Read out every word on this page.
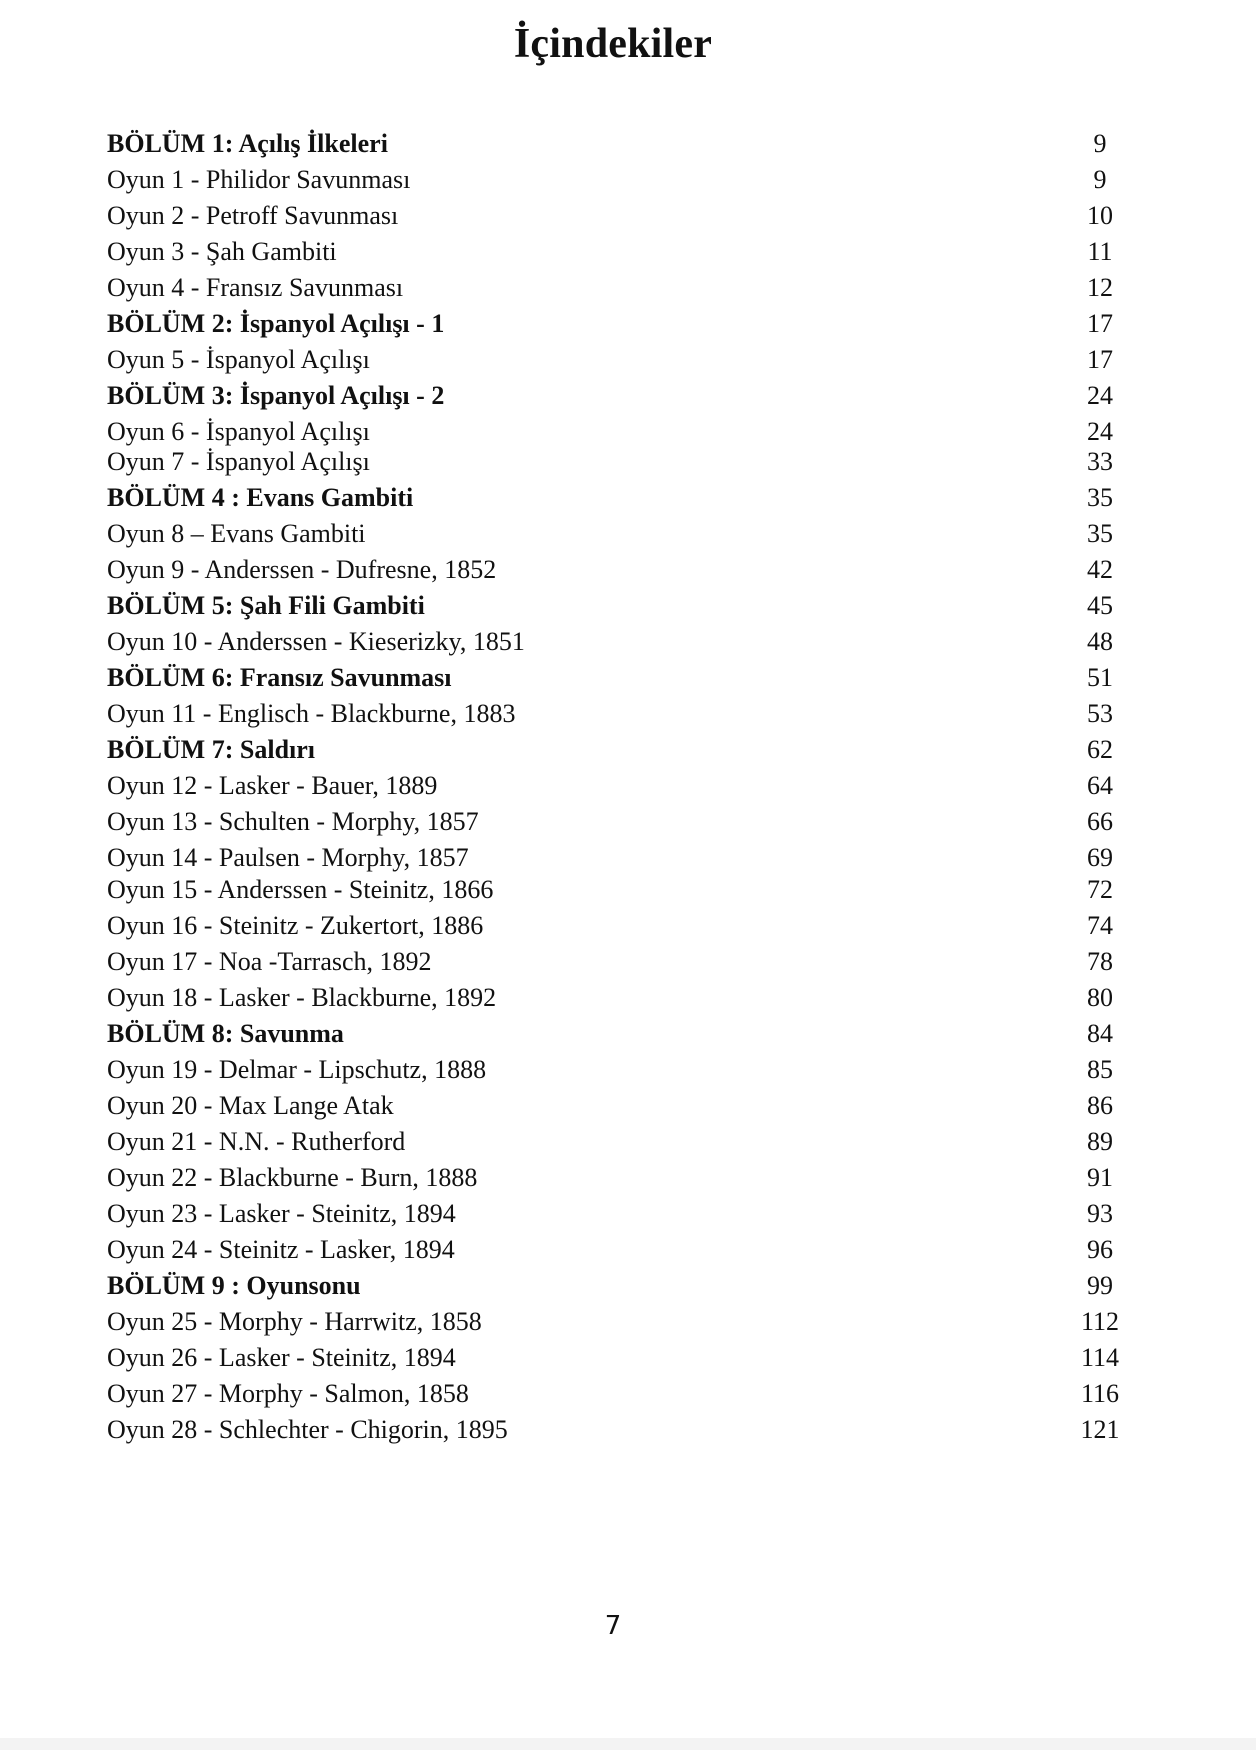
İçindekiler
BÖLÜM 1: Açılış İlkeleri	9
Oyun 1 - Philidor Savunması	9
Oyun 2 - Petroff Savunması	10
Oyun 3 - Şah Gambiti	11
Oyun 4 - Fransız Savunması	12
BÖLÜM 2: İspanyol Açılışı - 1	17
Oyun 5 - İspanyol Açılışı	17
BÖLÜM 3: İspanyol Açılışı - 2	24
Oyun 6 - İspanyol Açılışı	24
Oyun 7 - İspanyol Açılışı	33
BÖLÜM 4 : Evans Gambiti	35
Oyun 8 – Evans Gambiti	35
Oyun 9 - Anderssen - Dufresne, 1852	42
BÖLÜM 5: Şah Fili Gambiti	45
Oyun 10 - Anderssen - Kieserizky, 1851	48
BÖLÜM 6: Fransız Savunması	51
Oyun 11 - Englisch - Blackburne, 1883	53
BÖLÜM 7: Saldırı	62
Oyun 12 - Lasker - Bauer, 1889	64
Oyun 13 - Schulten - Morphy, 1857	66
Oyun 14 - Paulsen - Morphy, 1857	69
Oyun 15 - Anderssen - Steinitz, 1866	72
Oyun 16 - Steinitz - Zukertort, 1886	74
Oyun 17 - Noa -Tarrasch, 1892	78
Oyun 18 - Lasker - Blackburne, 1892	80
BÖLÜM 8: Savunma	84
Oyun 19 - Delmar - Lipschutz, 1888	85
Oyun 20 - Max Lange Atak	86
Oyun 21 - N.N. - Rutherford	89
Oyun 22 - Blackburne - Burn, 1888	91
Oyun 23 - Lasker - Steinitz, 1894	93
Oyun 24 - Steinitz - Lasker, 1894	96
BÖLÜM 9 : Oyunsonu	99
Oyun 25 - Morphy - Harrwitz, 1858	112
Oyun 26 - Lasker - Steinitz, 1894	114
Oyun 27 - Morphy - Salmon, 1858	116
Oyun 28 - Schlechter - Chigorin, 1895	121
7
